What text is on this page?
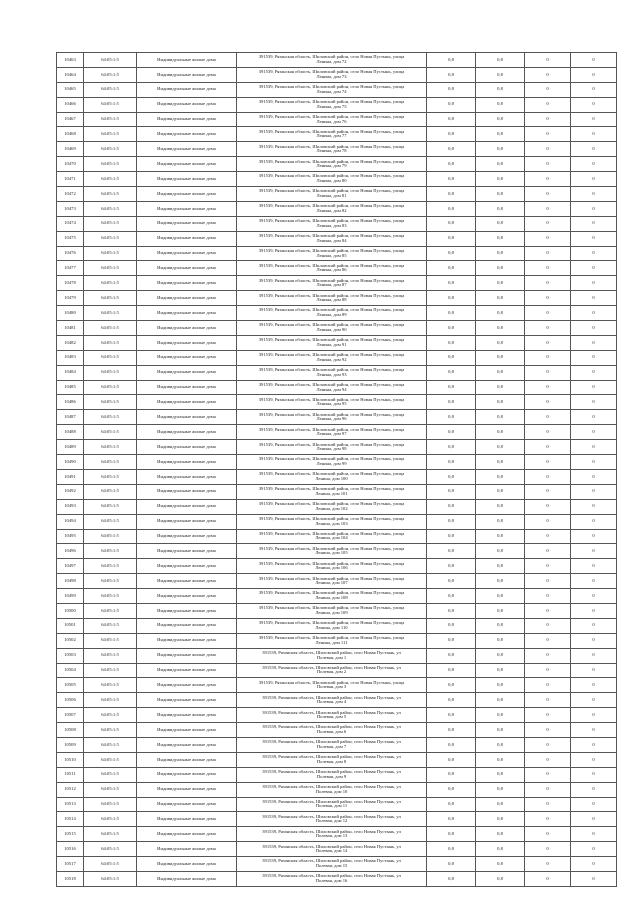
10463	64:05:1:5	Индивидуальные жилые дома	391539, Рязанская область, Шиловский район, село Новая Пустынь, улица
Ленина, дом 72	0,8	0,8	0	0
10464	64:05:1:5	Индивидуальные жилые дома	391539, Рязанская область, Шиловский район, село Новая Пустынь, улица
Ленина, дом 73	0,8	0,8	0	0
10465	64:05:1:5	Индивидуальные жилые дома	391539, Рязанская область, Шиловский район, село Новая Пустынь, улица
Ленина, дом 74	0,8	0,8	0	0
10466	64:05:1:5	Индивидуальные жилые дома	391539, Рязанская область, Шиловский район, село Новая Пустынь, улица
Ленина, дом 75	0,8	0,8	0	0
10467	64:05:1:5	Индивидуальные жилые дома	391539, Рязанская область, Шиловский район, село Новая Пустынь, улица
Ленина, дом 76	0,8	0,8	0	0
10468	64:05:1:5	Индивидуальные жилые дома	391539, Рязанская область, Шиловский район, село Новая Пустынь, улица
Ленина, дом 77	0,8	0,8	0	0
10469	64:05:1:5	Индивидуальные жилые дома	391539, Рязанская область, Шиловский район, село Новая Пустынь, улица
Ленина, дом 78	0,8	0,8	0	0
10470	64:05:1:5	Индивидуальные жилые дома	391539, Рязанская область, Шиловский район, село Новая Пустынь, улица
Ленина, дом 79	0,8	0,8	0	0
10471	64:05:1:5	Индивидуальные жилые дома	391539, Рязанская область, Шиловский район, село Новая Пустынь, улица
Ленина, дом 80	0,8	0,8	0	0
10472	64:05:1:5	Индивидуальные жилые дома	391539, Рязанская область, Шиловский район, село Новая Пустынь, улица
Ленина, дом 81	0,8	0,8	0	0
10473	64:05:1:5	Индивидуальные жилые дома	391539, Рязанская область, Шиловский район, село Новая Пустынь, улица
Ленина, дом 82	0,8	0,8	0	0
10474	64:05:1:5	Индивидуальные жилые дома	391539, Рязанская область, Шиловский район, село Новая Пустынь, улица
Ленина, дом 83	0,8	0,8	0	0
10475	64:05:1:5	Индивидуальные жилые дома	391539, Рязанская область, Шиловский район, село Новая Пустынь, улица
Ленина, дом 84	0,8	0,8	0	0
10476	64:05:1:5	Индивидуальные жилые дома	391539, Рязанская область, Шиловский район, село Новая Пустынь, улица
Ленина, дом 85	0,8	0,8	0	0
10477	64:05:1:5	Индивидуальные жилые дома	391539, Рязанская область, Шиловский район, село Новая Пустынь, улица
Ленина, дом 86	0,8	0,8	0	0
10478	64:05:1:5	Индивидуальные жилые дома	391539, Рязанская область, Шиловский район, село Новая Пустынь, улица
Ленина, дом 87	0,8	0,8	0	0
10479	64:05:1:5	Индивидуальные жилые дома	391539, Рязанская область, Шиловский район, село Новая Пустынь, улица
Ленина, дом 88	0,8	0,8	0	0
10480	64:05:1:5	Индивидуальные жилые дома	391539, Рязанская область, Шиловский район, село Новая Пустынь, улица
Ленина, дом 89	0,8	0,8	0	0
10481	64:05:1:5	Индивидуальные жилые дома	391539, Рязанская область, Шиловский район, село Новая Пустынь, улица
Ленина, дом 90	0,8	0,8	0	0
10482	64:05:1:5	Индивидуальные жилые дома	391539, Рязанская область, Шиловский район, село Новая Пустынь, улица
Ленина, дом 91	0,8	0,8	0	0
10483	64:05:1:5	Индивидуальные жилые дома	391539, Рязанская область, Шиловский район, село Новая Пустынь, улица
Ленина, дом 92	0,8	0,8	0	0
10484	64:05:1:5	Индивидуальные жилые дома	391539, Рязанская область, Шиловский район, село Новая Пустынь, улица
Ленина, дом 93	0,8	0,8	0	0
10485	64:05:1:5	Индивидуальные жилые дома	391539, Рязанская область, Шиловский район, село Новая Пустынь, улица
Ленина, дом 94	0,8	0,8	0	0
10486	64:05:1:5	Индивидуальные жилые дома	391539, Рязанская область, Шиловский район, село Новая Пустынь, улица
Ленина, дом 95	0,8	0,8	0	0
10487	64:05:1:5	Индивидуальные жилые дома	391539, Рязанская область, Шиловский район, село Новая Пустынь, улица
Ленина, дом 96	0,8	0,8	0	0
10488	64:05:1:5	Индивидуальные жилые дома	391539, Рязанская область, Шиловский район, село Новая Пустынь, улица
Ленина, дом 97	0,8	0,8	0	0
10489	64:05:1:5	Индивидуальные жилые дома	391539, Рязанская область, Шиловский район, село Новая Пустынь, улица
Ленина, дом 98	0,8	0,8	0	0
10490	64:05:1:5	Индивидуальные жилые дома	391539, Рязанская область, Шиловский район, село Новая Пустынь, улица
Ленина, дом 99	0,8	0,8	0	0
10491	64:05:1:5	Индивидуальные жилые дома	391539, Рязанская область, Шиловский район, село Новая Пустынь, улица
Ленина, дом 100	0,8	0,8	0	0
10492	64:05:1:5	Индивидуальные жилые дома	391539, Рязанская область, Шиловский район, село Новая Пустынь, улица
Ленина, дом 101	0,8	0,8	0	0
10493	64:05:1:5	Индивидуальные жилые дома	391539, Рязанская область, Шиловский район, село Новая Пустынь, улица
Ленина, дом 102	0,8	0,8	0	0
10494	64:05:1:5	Индивидуальные жилые дома	391539, Рязанская область, Шиловский район, село Новая Пустынь, улица
Ленина, дом 103	0,8	0,8	0	0
10495	64:05:1:5	Индивидуальные жилые дома	391539, Рязанская область, Шиловский район, село Новая Пустынь, улица
Ленина, дом 104	0,8	0,8	0	0
10496	64:05:1:5	Индивидуальные жилые дома	391539, Рязанская область, Шиловский район, село Новая Пустынь, улица
Ленина, дом 105	0,8	0,8	0	0
10497	64:05:1:5	Индивидуальные жилые дома	391539, Рязанская область, Шиловский район, село Новая Пустынь, улица
Ленина, дом 106	0,8	0,8	0	0
10498	64:05:1:5	Индивидуальные жилые дома	391539, Рязанская область, Шиловский район, село Новая Пустынь, улица
Ленина, дом 107	0,8	0,8	0	0
10499	64:05:1:5	Индивидуальные жилые дома	391539, Рязанская область, Шиловский район, село Новая Пустынь, улица
Ленина, дом 108	0,8	0,8	0	0
10500	64:05:1:5	Индивидуальные жилые дома	391539, Рязанская область, Шиловский район, село Новая Пустынь, улица
Ленина, дом 109	0,8	0,8	0	0
10501	64:05:1:5	Индивидуальные жилые дома	391539, Рязанская область, Шиловский район, село Новая Пустынь, улица
Ленина, дом 110	0,8	0,8	0	0
10502	64:05:1:5	Индивидуальные жилые дома	391539, Рязанская область, Шиловский район, село Новая Пустынь, улица
Ленина, дом 111	0,8	0,8	0	0
10503	64:05:1:5	Индивидуальные жилые дома	391539, Рязанская область, Шиловский район, село Новая Пустынь, ул
Полевая, дом 1	0,8	0,8	0	0
10504	64:05:1:5	Индивидуальные жилые дома	391539, Рязанская область, Шиловский район, село Новая Пустынь, ул
Полевая, дом 2	0,8	0,8	0	0
10505	64:05:1:5	Индивидуальные жилые дома	391539, Рязанская область, Шиловский район, село Новая Пустынь, улица
Полевая, дом 3	0,8	0,8	0	0
10506	64:05:1:5	Индивидуальные жилые дома	391539, Рязанская область, Шиловский район, село Новая Пустынь, ул
Полевая, дом 4	0,8	0,8	0	0
10507	64:05:1:5	Индивидуальные жилые дома	391539, Рязанская область, Шиловский район, село Новая Пустынь, ул
Полевая, дом 5	0,8	0,8	0	0
10508	64:05:1:5	Индивидуальные жилые дома	391539, Рязанская область, Шиловский район, село Новая Пустынь, ул
Полевая, дом 6	0,8	0,8	0	0
10509	64:05:1:5	Индивидуальные жилые дома	391539, Рязанская область, Шиловский район, село Новая Пустынь, ул
Полевая, дом 7	0,8	0,8	0	0
10510	64:05:1:5	Индивидуальные жилые дома	391539, Рязанская область, Шиловский район, село Новая Пустынь, ул
Полевая, дом 8	0,8	0,8	0	0
10511	64:05:1:5	Индивидуальные жилые дома	391539, Рязанская область, Шиловский район, село Новая Пустынь, ул
Полевая, дом 9	0,8	0,8	0	0
10512	64:05:1:5	Индивидуальные жилые дома	391539, Рязанская область, Шиловский район, село Новая Пустынь, ул
Полевая, дом 10	0,8	0,8	0	0
10513	64:05:1:5	Индивидуальные жилые дома	391539, Рязанская область, Шиловский район, село Новая Пустынь, ул
Полевая, дом 11	0,8	0,8	0	0
10514	64:05:1:5	Индивидуальные жилые дома	391539, Рязанская область, Шиловский район, село Новая Пустынь, ул
Полевая, дом 12	0,8	0,8	0	0
10515	64:05:1:5	Индивидуальные жилые дома	391539, Рязанская область, Шиловский район, село Новая Пустынь, ул
Полевая, дом 13	0,8	0,8	0	0
10516	64:05:1:5	Индивидуальные жилые дома	391539, Рязанская область, Шиловский район, село Новая Пустынь, ул
Полевая, дом 14	0,8	0,8	0	0
10517	64:05:1:5	Индивидуальные жилые дома	391539, Рязанская область, Шиловский район, село Новая Пустынь, ул
Полевая, дом 15	0,8	0,8	0	0
10518	64:05:1:5	Индивидуальные жилые дома	391539, Рязанская область, Шиловский район, село Новая Пустынь, ул
Полевая, дом 16	0,8	0,8	0	0
